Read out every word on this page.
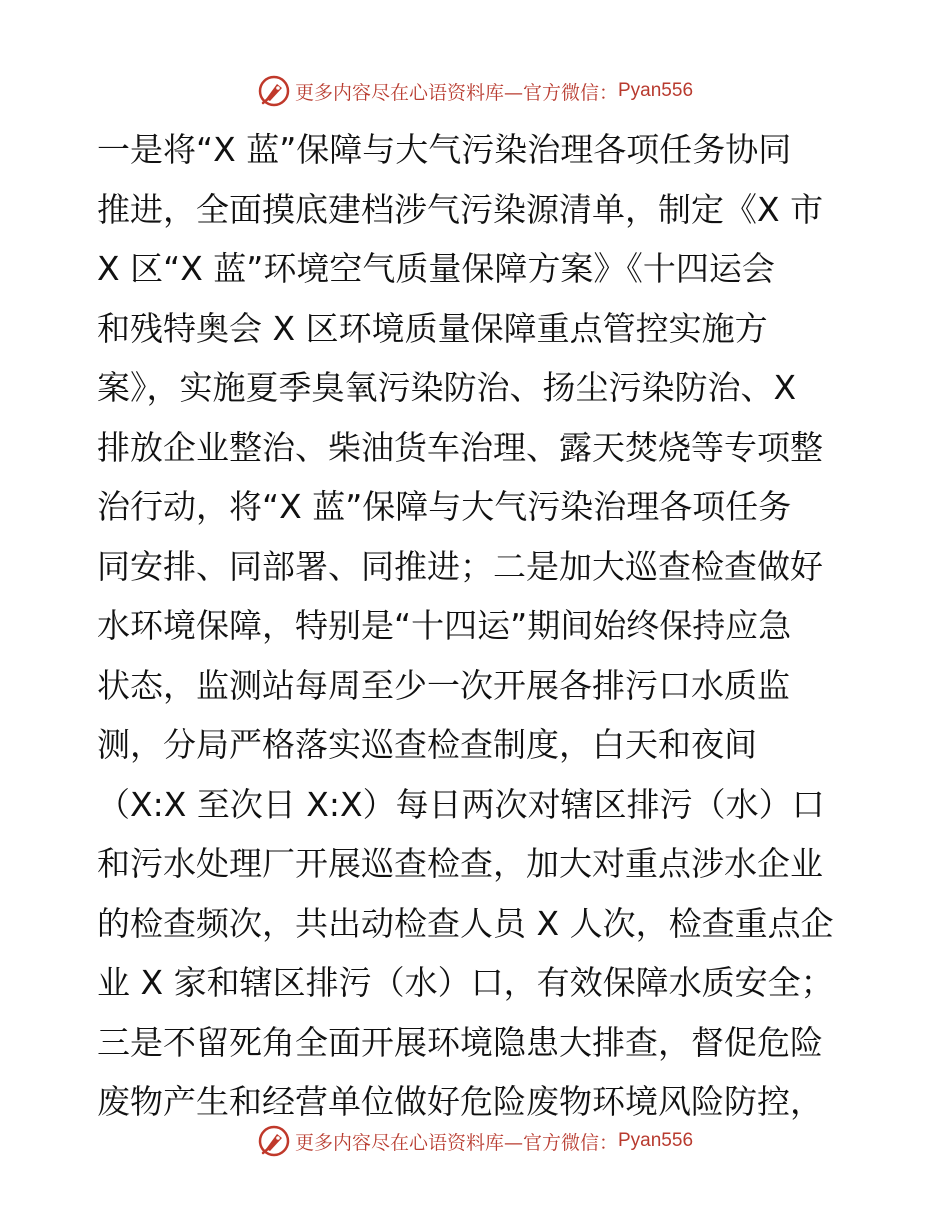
更多内容尽在心语资料库—官方微信： Pyan556
一是将“X 蓝”保障与大气污染治理各项任务协同
推进，全面摸底建档涉气污染源清单，制定《X 市
X 区“X 蓝”环境空气质量保障方案》《十四运会
和残特奥会 X 区环境质量保障重点管控实施方
案》，实施夏季臭氧污染防治、扬尘污染防治、X
排放企业整治、柴油货车治理、露天焚烧等专项整
治行动，将“X 蓝”保障与大气污染治理各项任务
同安排、同部署、同推进；二是加大巡查检查做好
水环境保障，特别是“十四运”期间始终保持应急
状态，监测站每周至少一次开展各排污口水质监
测，分局严格落实巡查检查制度，白天和夜间
（X:X 至次日 X:X）每日两次对辖区排污（水）口
和污水处理厂开展巡查检查，加大对重点涉水企业
的检查频次，共出动检查人员 X 人次，检查重点企
业 X 家和辖区排污（水）口，有效保障水质安全；
三是不留死角全面开展环境隐患大排查，督促危险
废物产生和经营单位做好危险废物环境风险防控，
更多内容尽在心语资料库—官方微信： Pyan556
